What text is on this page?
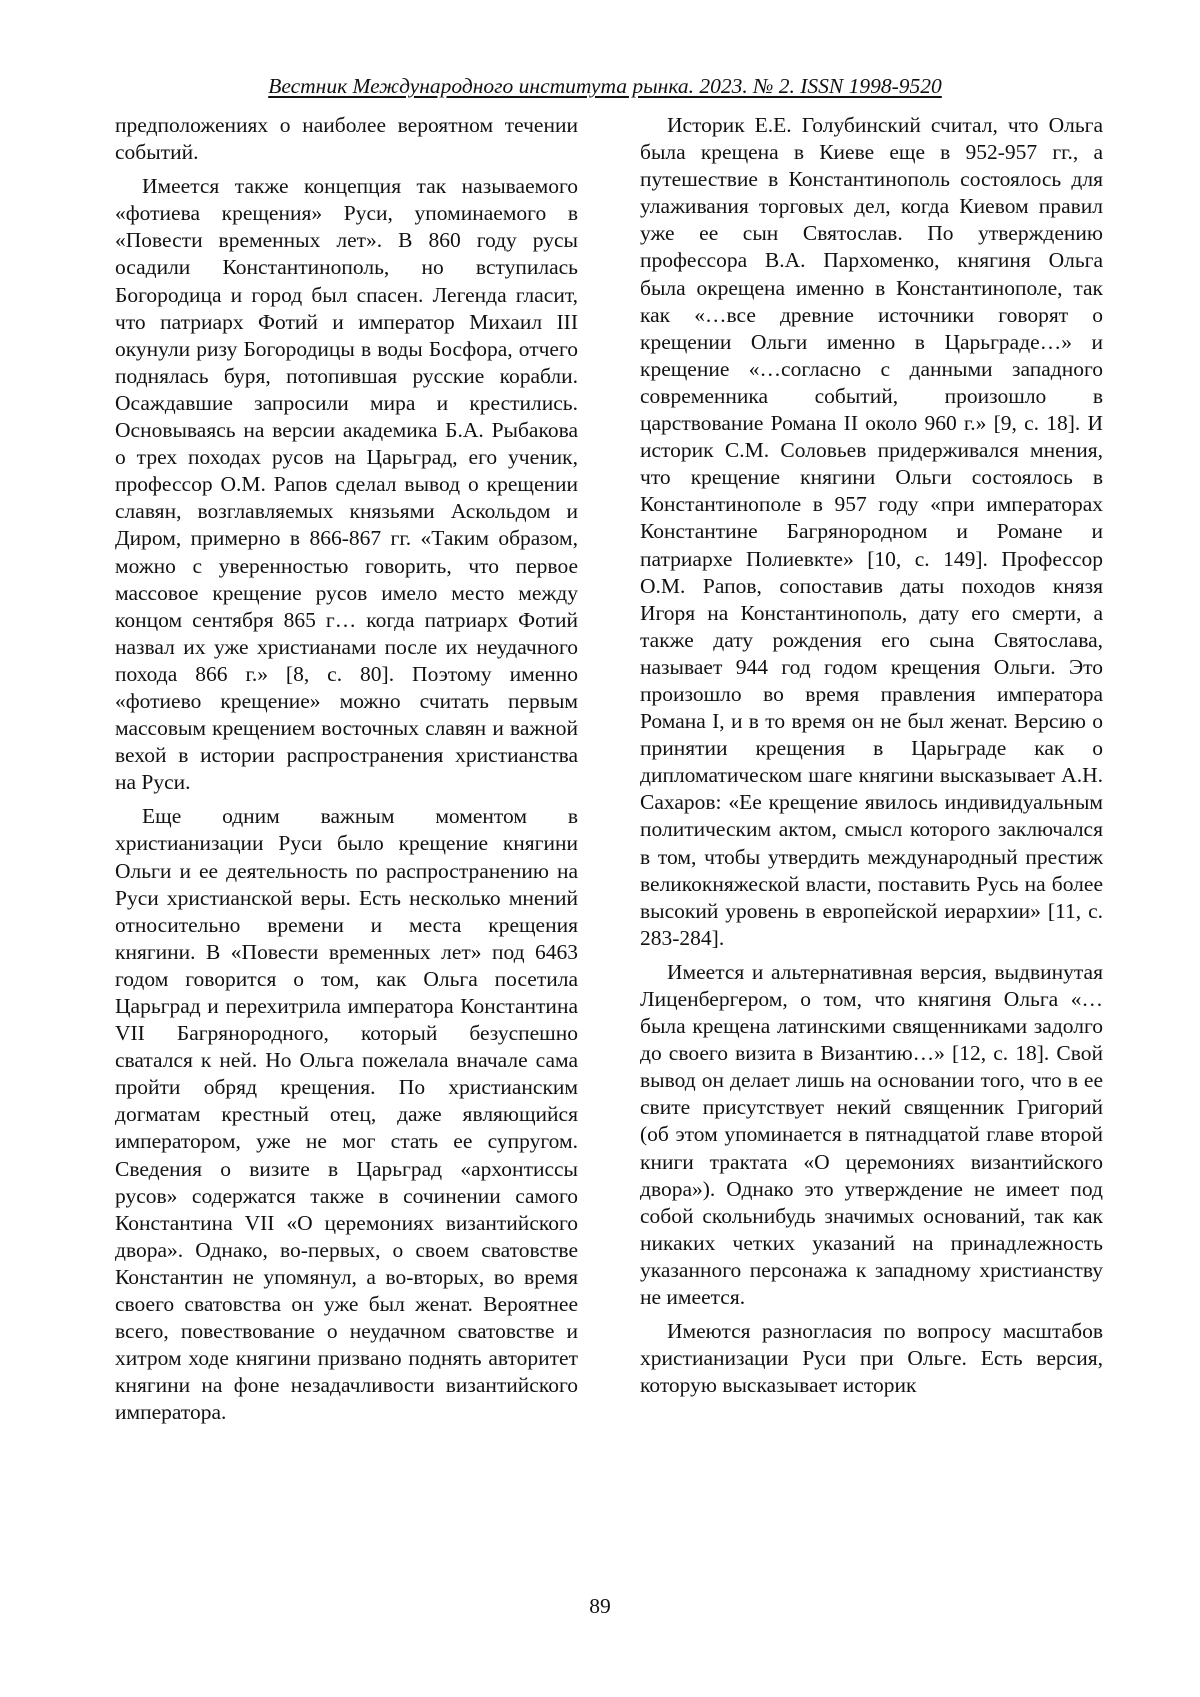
Вестник Международного института рынка. 2023. № 2. ISSN 1998-9520

предположениях о наиболее вероятном течении событий.

Имеется также концепция так называемого «фотиева крещения» Руси, упоминаемого в «Повести временных лет». В 860 году русы осадили Константинополь, но вступилась Богородица и город был спасен. Легенда гласит, что патриарх Фотий и император Михаил III окунули ризу Богородицы в воды Босфора, отчего поднялась буря, потопившая русские корабли. Осаждавшие запросили мира и крестились. Основываясь на версии академика Б.А. Рыбакова о трех походах русов на Царьград, его ученик, профессор О.М. Рапов сделал вывод о крещении славян, возглавляемых князьями Аскольдом и Диром, примерно в 866-867 гг. «Таким образом, можно с уверенностью говорить, что первое массовое крещение русов имело место между концом сентября 865 г… когда патриарх Фотий назвал их уже христианами после их неудачного похода 866 г.» [8, с. 80]. Поэтому именно «фотиево крещение» можно считать первым массовым крещением восточных славян и важной вехой в истории распространения христианства на Руси.

Еще одним важным моментом в христианизации Руси было крещение княгини Ольги и ее деятельность по распространению на Руси христианской веры. Есть несколько мнений относительно времени и места крещения княгини. В «Повести временных лет» под 6463 годом говорится о том, как Ольга посетила Царьград и перехитрила императора Константина VII Багрянородного, который безуспешно сватался к ней. Но Ольга пожелала вначале сама пройти обряд крещения. По христианским догматам крестный отец, даже являющийся императором, уже не мог стать ее супругом. Сведения о визите в Царьград «архонтиссы русов» содержатся также в сочинении самого Константина VII «О церемониях византийского двора». Однако, во-первых, о своем сватовстве Константин не упомянул, а во-вторых, во время своего сватовства он уже был женат. Вероятнее всего, повествование о неудачном сватовстве и хитром ходе княгини призвано поднять авторитет княгини на фоне незадачливости византийского императора.

Историк Е.Е. Голубинский считал, что Ольга была крещена в Киеве еще в 952-957 гг., а путешествие в Константинополь состоялось для улаживания торговых дел, когда Киевом правил уже ее сын Святослав. По утверждению профессора В.А. Пархоменко, княгиня Ольга была окрещена именно в Константинополе, так как «…все древние источники говорят о крещении Ольги именно в Царьграде…» и крещение «…согласно с данными западного современника событий, произошло в царствование Романа II около 960 г.» [9, с. 18]. И историк С.М. Соловьев придерживался мнения, что крещение княгини Ольги состоялось в Константинополе в 957 году «при императорах Константине Багрянородном и Романе и патриархе Полиевкте» [10, с. 149]. Профессор О.М. Рапов, сопоставив даты походов князя Игоря на Константинополь, дату его смерти, а также дату рождения его сына Святослава, называет 944 год годом крещения Ольги. Это произошло во время правления императора Романа I, и в то время он не был женат. Версию о принятии крещения в Царьграде как о дипломатическом шаге княгини высказывает А.Н. Сахаров: «Ее крещение явилось индивидуальным политическим актом, смысл которого заключался в том, чтобы утвердить международный престиж великокняжеской власти, поставить Русь на более высокий уровень в европейской иерархии» [11, с. 283-284].

Имеется и альтернативная версия, выдвинутая Лиценбергером, о том, что княгиня Ольга «…была крещена латинскими священниками задолго до своего визита в Византию…» [12, с. 18]. Свой вывод он делает лишь на основании того, что в ее свите присутствует некий священник Григорий (об этом упоминается в пятнадцатой главе второй книги трактата «О церемониях византийского двора»). Однако это утверждение не имеет под собой скольнибудь значимых оснований, так как никаких четких указаний на принадлежность указанного персонажа к западному христианству не имеется.

Имеются разногласия по вопросу масштабов христианизации Руси при Ольге. Есть версия, которую высказывает историк

89
